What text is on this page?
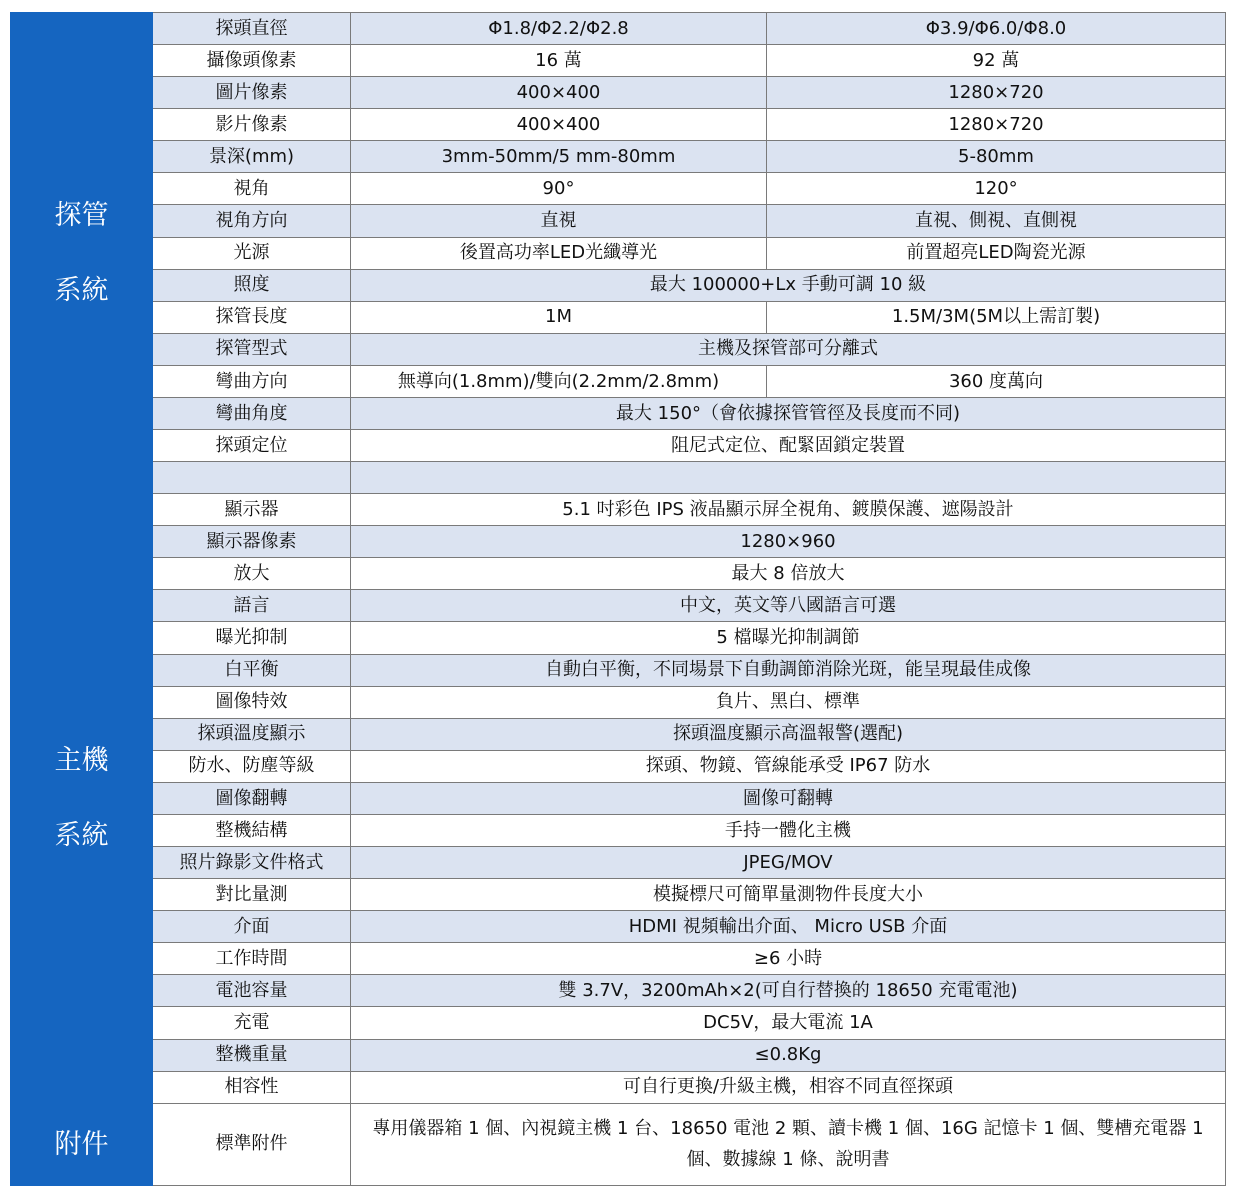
探管
系統	探頭直徑	Φ1.8/Φ2.2/Φ2.8	Φ3.9/Φ6.0/Φ8.0
	攝像頭像素	16 萬	92 萬
	圖片像素	400×400	1280×720
	影片像素	400×400	1280×720
	景深(mm)	3mm-50mm/5 mm-80mm	5-80mm
	視角	90°	120°
	視角方向	直視	直視、側視、直側視
	光源	後置高功率LED光纖導光	前置超亮LED陶瓷光源
	照度	最大 100000+Lx 手動可調 10 級	
	探管長度	1M	1.5M/3M(5M以上需訂製)
	探管型式	主機及探管部可分離式	
	彎曲方向	無導向(1.8mm)/雙向(2.2mm/2.8mm)	360 度萬向
	彎曲角度	最大 150°（會依據探管管徑及長度而不同)	
	探頭定位	阻尼式定位、配緊固鎖定裝置	

主機
系統	顯示器	5.1 吋彩色 IPS 液晶顯示屏全視角、鍍膜保護、遮陽設計	
	顯示器像素	1280×960	
	放大	最大 8 倍放大	
	語言	中文，英文等八國語言可選	
	曝光抑制	5 檔曝光抑制調節	
	白平衡	自動白平衡，不同場景下自動調節消除光斑，能呈現最佳成像	
	圖像特效	負片、黑白、標準	
	探頭溫度顯示	探頭溫度顯示高溫報警(選配)	
	防水、防塵等級	探頭、物鏡、管線能承受 IP67 防水	
	圖像翻轉	圖像可翻轉	
	整機結構	手持一體化主機	
	照片錄影文件格式	JPEG/MOV	
	對比量測	模擬標尺可簡單量測物件長度大小	
	介面	HDMI 視頻輸出介面、 Micro USB 介面	
	工作時間	≥6 小時	
	電池容量	雙 3.7V，3200mAh×2(可自行替換的 18650 充電電池)	
	充電	DC5V，最大電流 1A	
	整機重量	≤0.8Kg	
	相容性	可自行更換/升級主機，相容不同直徑探頭	

附件	標準附件	專用儀器箱 1 個、內視鏡主機 1 台、18650 電池 2 顆、讀卡機 1 個、16G 記憶卡 1 個、雙槽充電器 1 個、數據線 1 條、說明書	
